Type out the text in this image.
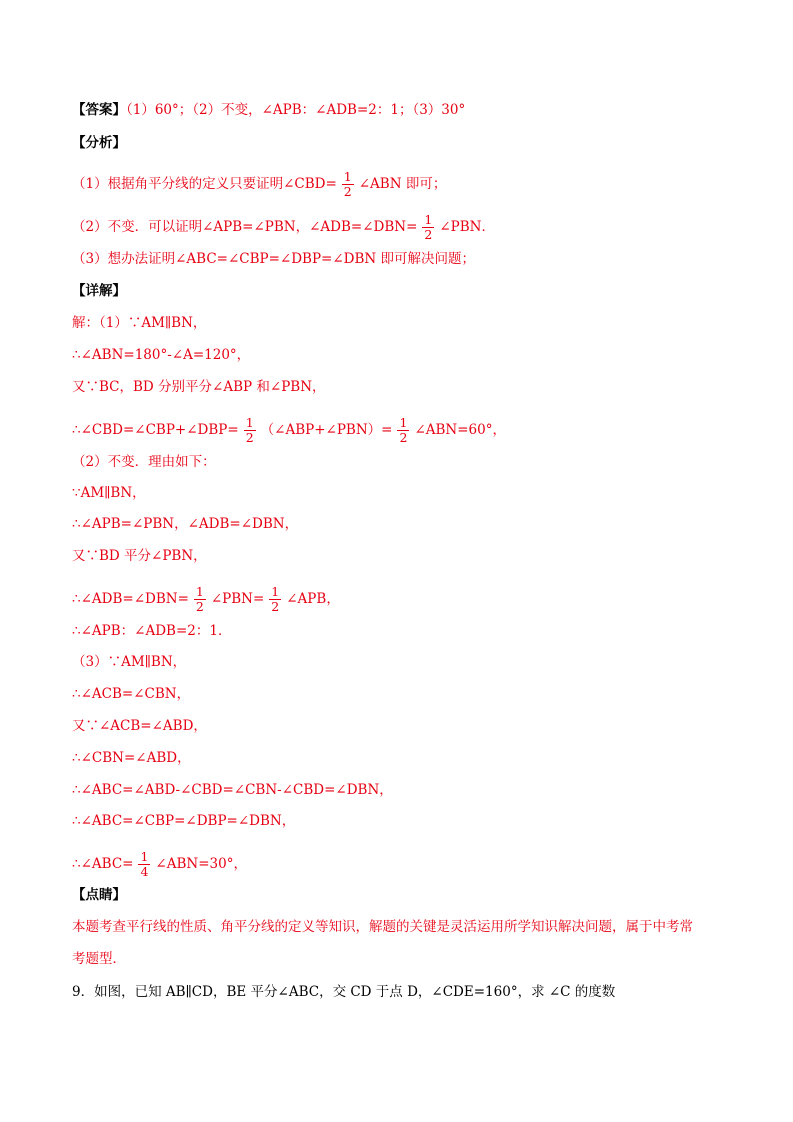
【答案】（1）60°；（2）不变，∠APB：∠ADB=2：1；（3）30°
【分析】
（1）根据角平分线的定义只要证明∠CBD= $\frac{1}{2}$ ∠ABN 即可；
（2）不变．可以证明∠APB=∠PBN，∠ADB=∠DBN= $\frac{1}{2}$ ∠PBN．
（3）想办法证明∠ABC=∠CBP=∠DBP=∠DBN 即可解决问题；
【详解】
解：（1）∵AM∥BN，
∴∠ABN=180°-∠A=120°，
又∵BC，BD 分别平分∠ABP 和∠PBN，
∴∠CBD=∠CBP+∠DBP= $\frac{1}{2}$ （∠ABP+∠PBN）= $\frac{1}{2}$ ∠ABN=60°，
（2）不变．理由如下：
∵AM∥BN，
∴∠APB=∠PBN，∠ADB=∠DBN，
又∵BD 平分∠PBN，
∴∠ADB=∠DBN= $\frac{1}{2}$ ∠PBN= $\frac{1}{2}$ ∠APB，
∴∠APB：∠ADB=2：1．
（3）∵AM∥BN，
∴∠ACB=∠CBN，
又∵∠ACB=∠ABD，
∴∠CBN=∠ABD，
∴∠ABC=∠ABD-∠CBD=∠CBN-∠CBD=∠DBN，
∴∠ABC=∠CBP=∠DBP=∠DBN，
∴∠ABC= $\frac{1}{4}$ ∠ABN=30°，
【点睛】
本题考查平行线的性质、角平分线的定义等知识，解题的关键是灵活运用所学知识解决问题，属于中考常
考题型．
9．如图，已知 AB∥CD，BE 平分∠ABC，交 CD 于点 D，∠CDE=160°，求 ∠C 的度数
